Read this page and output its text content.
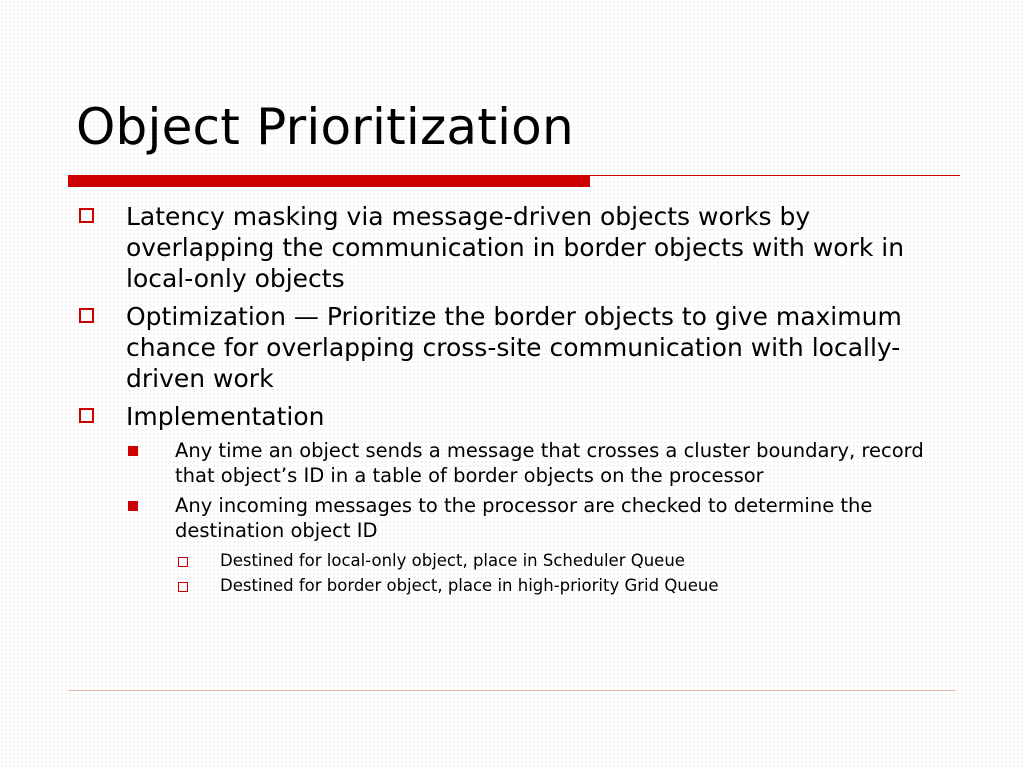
Object Prioritization
Latency masking via message-driven objects works by overlapping the communication in border objects with work in local-only objects
Optimization — Prioritize the border objects to give maximum chance for overlapping cross-site communication with locally-driven work
Implementation
Any time an object sends a message that crosses a cluster boundary, record that object’s ID in a table of border objects on the processor
Any incoming messages to the processor are checked to determine the destination object ID
Destined for local-only object, place in Scheduler Queue
Destined for border object, place in high-priority Grid Queue
